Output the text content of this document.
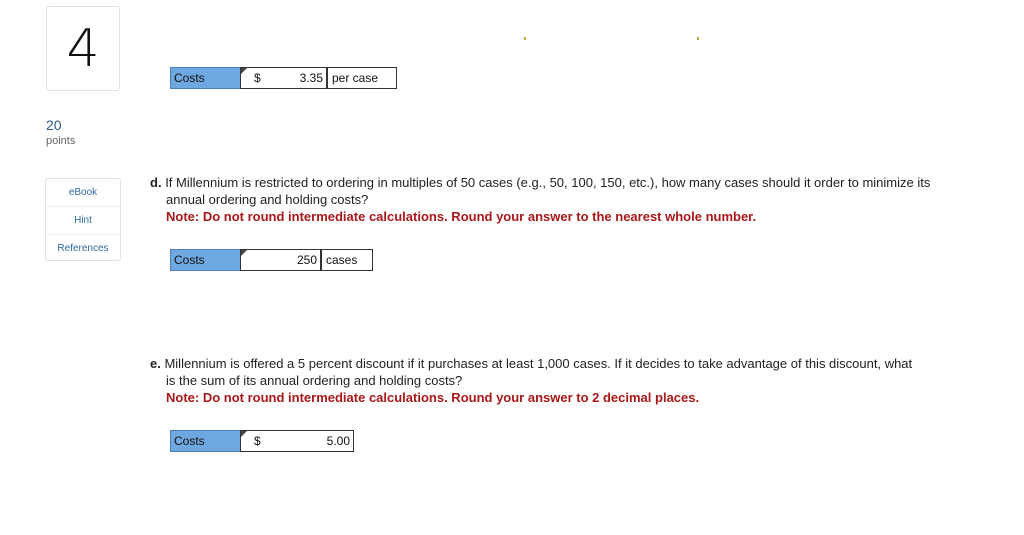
4
20
points
eBook
Hint
References
Costs	$	3.35 per case
d. If Millennium is restricted to ordering in multiples of 50 cases (e.g., 50, 100, 150, etc.), how many cases should it order to minimize its
annual ordering and holding costs?
Note: Do not round intermediate calculations. Round your answer to the nearest whole number.
Costs	250 cases
e. Millennium is offered a 5 percent discount if it purchases at least 1,000 cases. If it decides to take advantage of this discount, what
is the sum of its annual ordering and holding costs?
Note: Do not round intermediate calculations. Round your answer to 2 decimal places.
Costs	$	5.00
